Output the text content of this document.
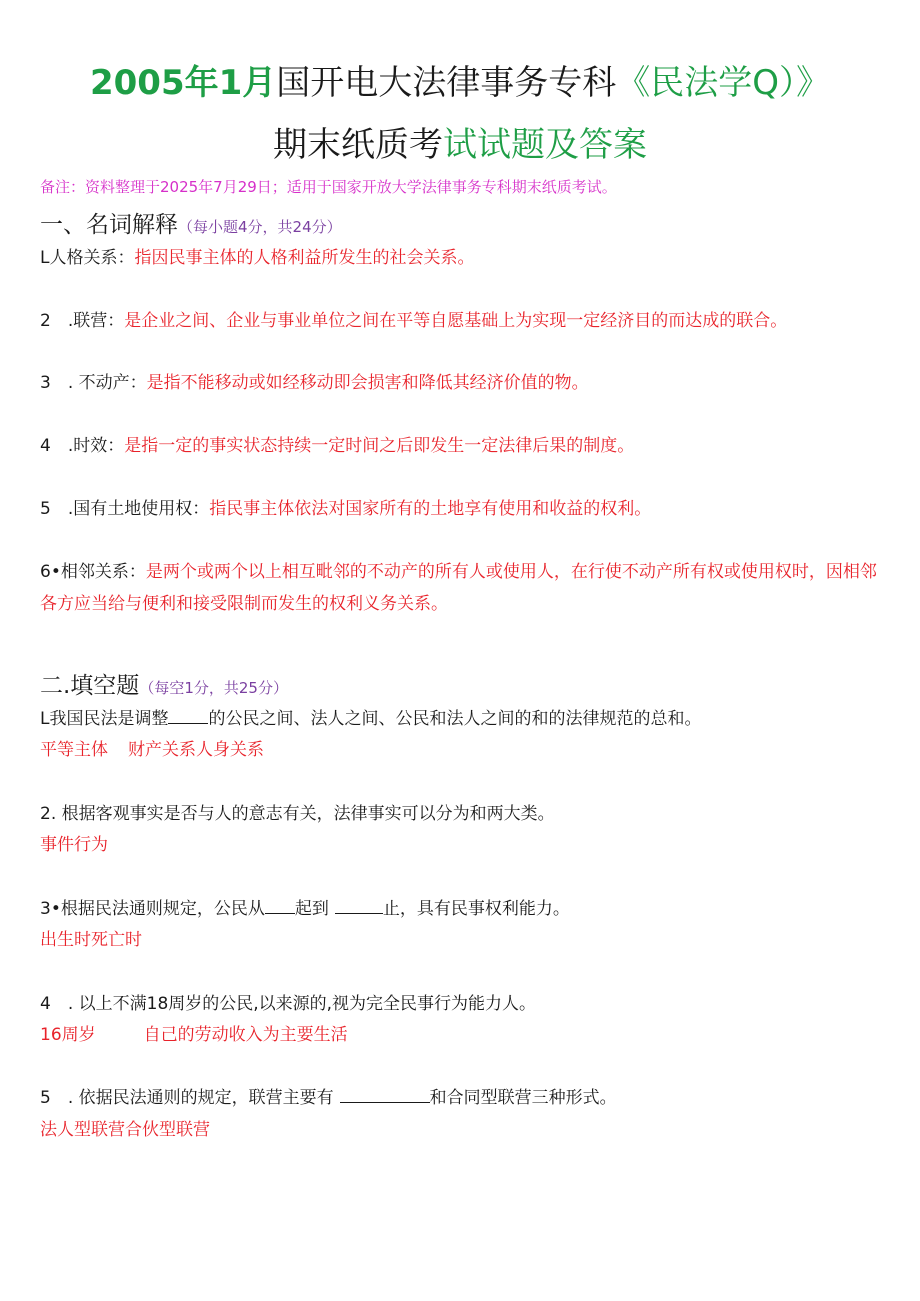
2005年1月国开电大法律事务专科《民法学Q）》
期末纸质考试试题及答案
备注：资料整理于2025年7月29日；适用于国家开放大学法律事务专科期末纸质考试。
一、名词解释（每小题4分，共24分）
L人格关系：指因民事主体的人格利益所发生的社会关系。
2　.联营：是企业之间、企业与事业单位之间在平等自愿基础上为实现一定经济目的而达成的联合。
3　. 不动产：是指不能移动或如经移动即会损害和降低其经济价值的物。
4　.时效：是指一定的事实状态持续一定时间之后即发生一定法律后果的制度。
5　.国有土地使用权：指民事主体依法对国家所有的土地享有使用和收益的权利。
6•相邻关系：是两个或两个以上相互毗邻的不动产的所有人或使用人，在行使不动产所有权或使用权时，因相邻各方应当给与便利和接受限制而发生的权利义务关系。
二.填空题（每空1分，共25分）
L我国民法是调整 的公民之间、法人之间、公民和法人之间的和的法律规范的总和。
平等主体 财产关系人身关系
2. 根据客观事实是否与人的意志有关，法律事实可以分为和两大类。
事件行为
3•根据民法通则规定，公民从 起到	止，具有民事权利能力。
出生时死亡时
4　. 以上不满18周岁的公民,以来源的,视为完全民事行为能力人。
16周岁	自己的劳动收入为主要生活
5　. 依据民法通则的规定，联营主要有	和合同型联营三种形式。
法人型联营合伙型联营
